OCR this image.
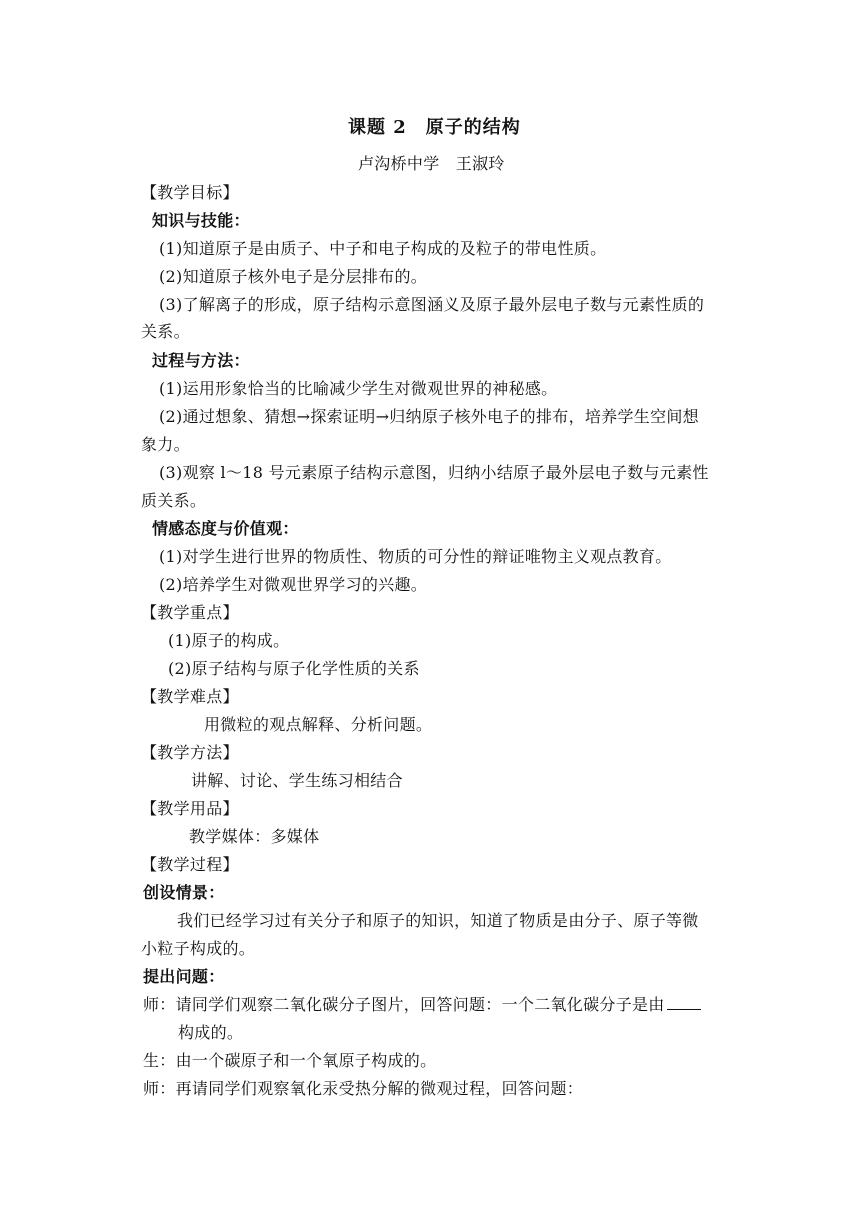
课题 2　原子的结构
卢沟桥中学　王淑玲
【教学目标】
知识与技能：
(1)知道原子是由质子、中子和电子构成的及粒子的带电性质。
(2)知道原子核外电子是分层排布的。
(3)了解离子的形成，原子结构示意图涵义及原子最外层电子数与元素性质的
关系。
过程与方法：
(1)运用形象恰当的比喻减少学生对微观世界的神秘感。
(2)通过想象、猜想→探索证明→归纳原子核外电子的排布，培养学生空间想
象力。
(3)观察 l～18 号元素原子结构示意图，归纳小结原子最外层电子数与元素性
质关系。
情感态度与价值观：
(1)对学生进行世界的物质性、物质的可分性的辩证唯物主义观点教育。
(2)培养学生对微观世界学习的兴趣。
【教学重点】
(1)原子的构成。
(2)原子结构与原子化学性质的关系
【教学难点】
用微粒的观点解释、分析问题。
【教学方法】
讲解、讨论、学生练习相结合
【教学用品】
教学媒体：多媒体
【教学过程】
创设情景：
我们已经学习过有关分子和原子的知识，知道了物质是由分子、原子等微
小粒子构成的。
提出问题：
师：请同学们观察二氧化碳分子图片，回答问题：一个二氧化碳分子是由
构成的。
生：由一个碳原子和一个氧原子构成的。
师：再请同学们观察氧化汞受热分解的微观过程，回答问题：
